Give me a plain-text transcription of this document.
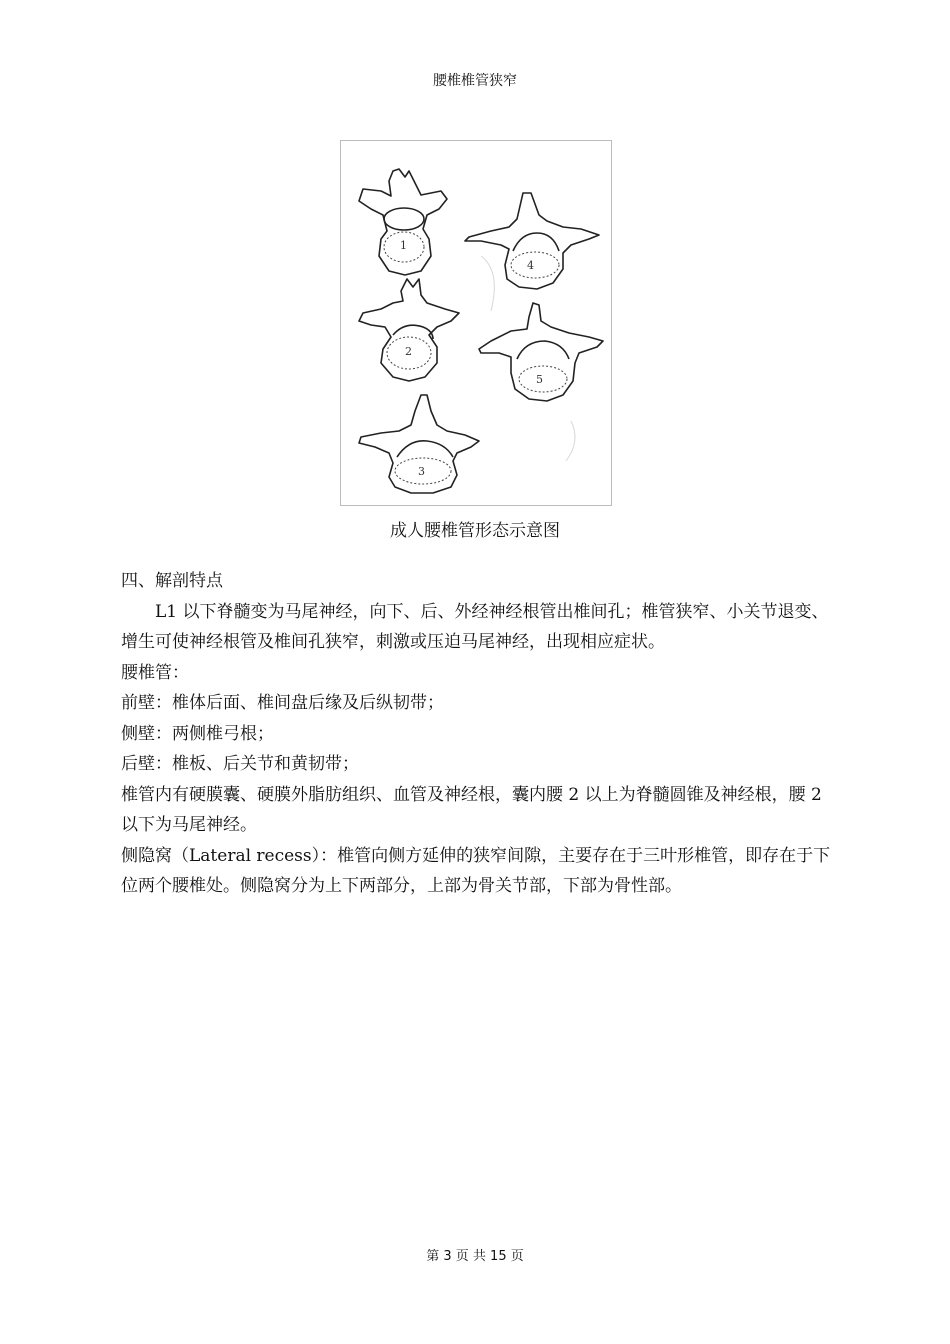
腰椎椎管狭窄
1
4
2
5
3
成人腰椎管形态示意图

四、解剖特点

L1 以下脊髓变为马尾神经，向下、后、外经神经根管出椎间孔；椎管狭窄、小关节退变、增生可使神经根管及椎间孔狭窄，刺激或压迫马尾神经，出现相应症状。

腰椎管：

前壁：椎体后面、椎间盘后缘及后纵韧带；

侧壁：两侧椎弓根；

后壁：椎板、后关节和黄韧带；

椎管内有硬膜囊、硬膜外脂肪组织、血管及神经根，囊内腰 2 以上为脊髓圆锥及神经根，腰 2 以下为马尾神经。

侧隐窝（Lateral recess）：椎管向侧方延伸的狭窄间隙，主要存在于三叶形椎管，即存在于下位两个腰椎处。侧隐窝分为上下两部分，上部为骨关节部，下部为骨性部。

第 3 页 共 15 页
